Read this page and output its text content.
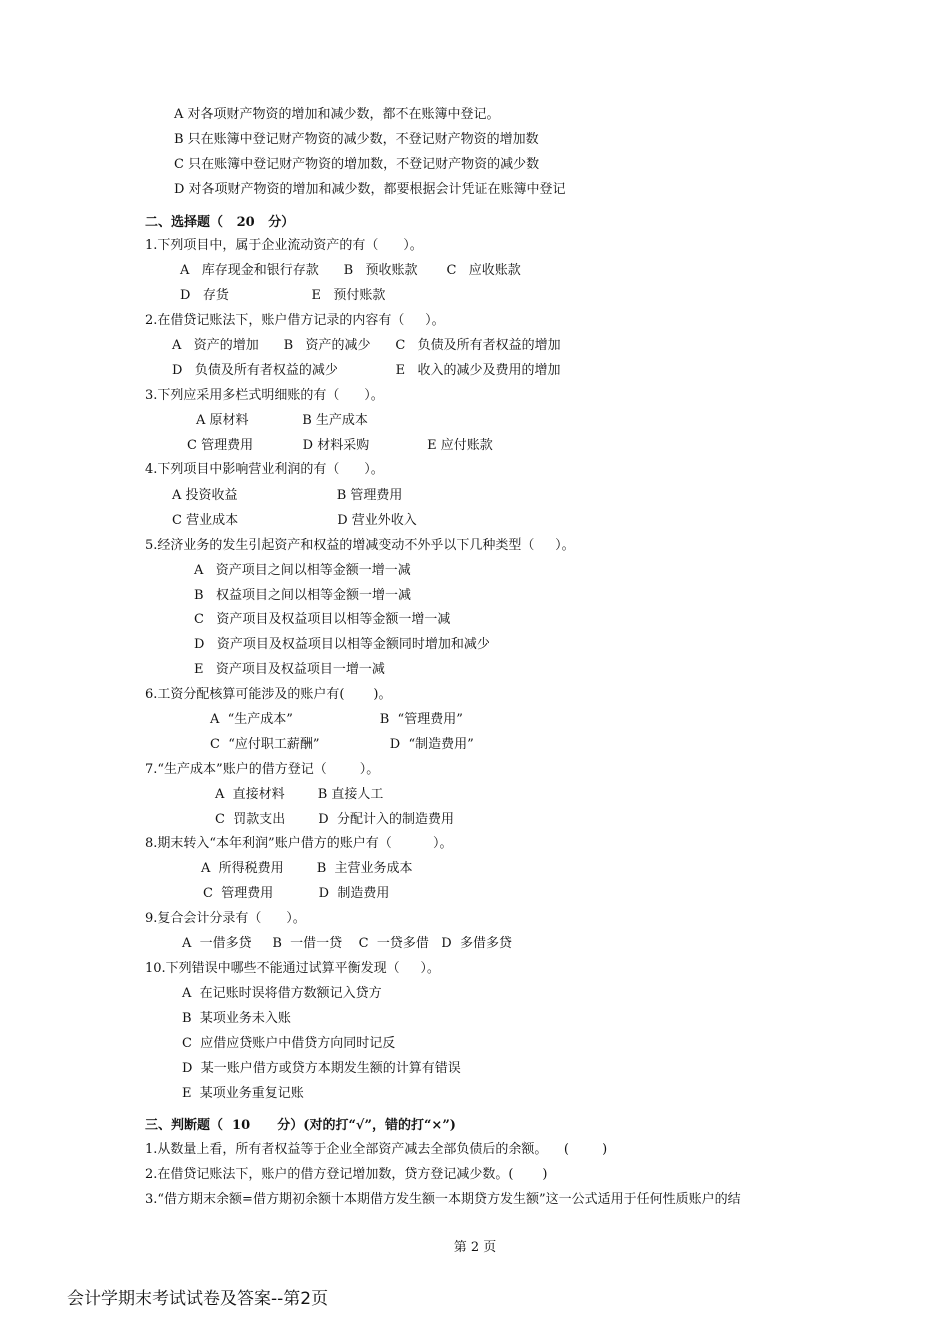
A 对各项财产物资的增加和减少数，都不在账簿中登记。
B 只在账簿中登记财产物资的减少数，不登记财产物资的增加数
C 只在账簿中登记财产物资的增加数，不登记财产物资的减少数
D 对各项财产物资的增加和减少数，都要根据会计凭证在账簿中登记
二、选择题（   20   分）
1.下列项目中，属于企业流动资产的有（      ）。
A   库存现金和银行存款      B   预收账款       C   应收账款
D   存货                    E   预付账款
2.在借贷记账法下，账户借方记录的内容有（     ）。
A   资产的增加      B   资产的减少      C   负债及所有者权益的增加
D   负债及所有者权益的减少              E   收入的减少及费用的增加
3.下列应采用多栏式明细账的有（      ）。
A 原材料             B 生产成本
C 管理费用            D 材料采购              E 应付账款
4.下列项目中影响营业利润的有（      ）。
A 投资收益                        B 管理费用
C 营业成本                        D 营业外收入
5.经济业务的发生引起资产和权益的增减变动不外乎以下几种类型（     ）。
A   资产项目之间以相等金额一增一减
B   权益项目之间以相等金额一增一减
C   资产项目及权益项目以相等金额一增一减
D   资产项目及权益项目以相等金额同时增加和减少
E   资产项目及权益项目一增一减
6.工资分配核算可能涉及的账户有(       )。
A  “生产成本”                     B  “管理费用”
C  “应付职工薪酬”                 D  “制造费用”
7.“生产成本”账户的借方登记（        ）。
A  直接材料        B 直接人工
C  罚款支出        D  分配计入的制造费用
8.期末转入“本年利润”账户借方的账户有（          ）。
A  所得税费用        B  主营业务成本
C  管理费用           D  制造费用
9.复合会计分录有（      ）。
A  一借多贷     B  一借一贷    C  一贷多借   D  多借多贷
10.下列错误中哪些不能通过试算平衡发现（     ）。
A  在记账时误将借方数额记入贷方
B  某项业务未入账
C  应借应贷账户中借贷方向同时记反
D  某一账户借方或贷方本期发生额的计算有错误
E  某项业务重复记账
三、判断题（  10      分）(对的打“√”，错的打“×”)
1.从数量上看，所有者权益等于企业全部资产减去全部负债后的余额。    (        )
2.在借贷记账法下，账户的借方登记增加数，贷方登记减少数。(       )
3.“借方期末余额=借方期初余额十本期借方发生额一本期贷方发生额”这一公式适用于任何性质账户的结
第 2 页
会计学期末考试试卷及答案--第2页
